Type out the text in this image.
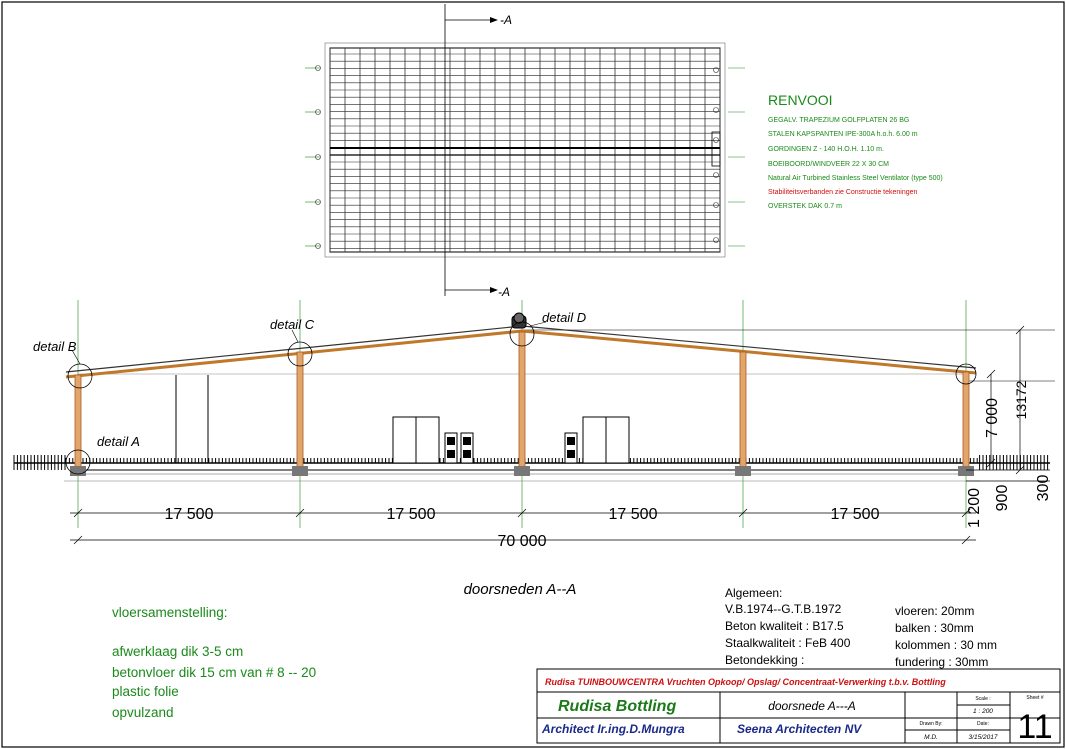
-A
-A
RENVOOI
GEGALV. TRAPEZIUM GOLFPLATEN 26 BG
STALEN KAPSPANTEN IPE-300A h.o.h. 6.00 m
GORDINGEN Z - 140 H.O.H. 1.10 m.
BOEIBOORD/WINDVEER 22 X 30 CM
Natural Air Turbined Stainless Steel Ventilator (type 500)
Stabiliteitsverbanden zie Constructie tekeningen
OVERSTEK DAK 0.7 m
detail B
detail C	detail D
detail A
17 500	17 500	17 500	17 500
70 000
7 000 13172
1 200 900 300
doorsneden A--A
vloersamenstelling:
afwerklaag dik 3-5 cm
betonvloer dik 15 cm van # 8 -- 20
plastic folie
opvulzand
Algemeen:
V.B.1974--G.T.B.1972
Beton kwaliteit : B17.5
Staalkwaliteit : FeB 400
Betondekking :
vloeren: 20mm
balken : 30mm
kolommen : 30 mm
fundering : 30mm
Rudisa TUINBOUWCENTRA Vruchten Opkoop/ Opslag/ Concentraat-Verwerking t.b.v. Bottling
Rudisa Bottling	doorsnede A---A	Scale :
1 : 200
Sheet #
11
Architect Ir.ing.D.Mungra	Seena Architecten NV	Drawn By:
M.D.
Date:
3/15/2017
